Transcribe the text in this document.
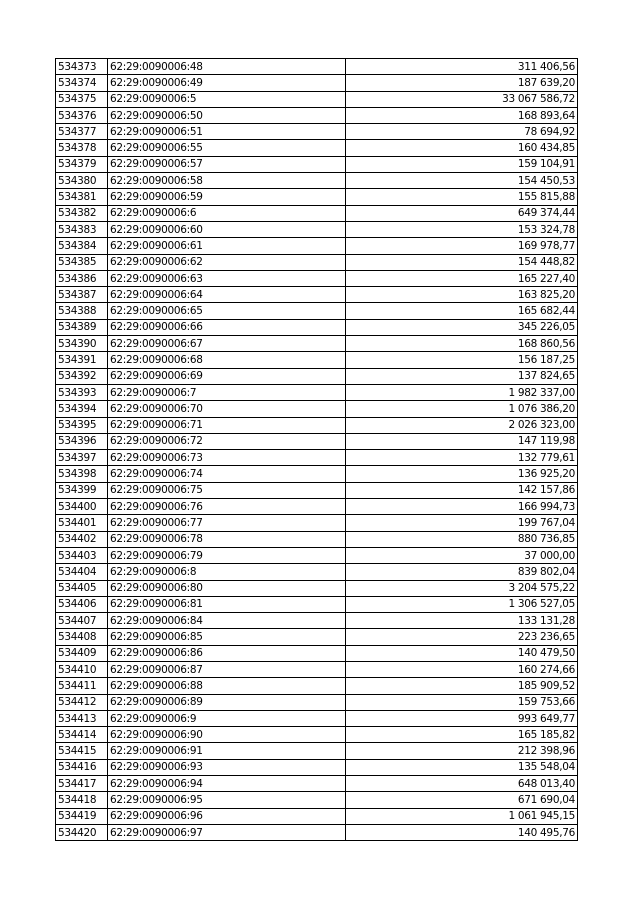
534373	62:29:0090006:48	311 406,56
534374	62:29:0090006:49	187 639,20
534375	62:29:0090006:5	33 067 586,72
534376	62:29:0090006:50	168 893,64
534377	62:29:0090006:51	78 694,92
534378	62:29:0090006:55	160 434,85
534379	62:29:0090006:57	159 104,91
534380	62:29:0090006:58	154 450,53
534381	62:29:0090006:59	155 815,88
534382	62:29:0090006:6	649 374,44
534383	62:29:0090006:60	153 324,78
534384	62:29:0090006:61	169 978,77
534385	62:29:0090006:62	154 448,82
534386	62:29:0090006:63	165 227,40
534387	62:29:0090006:64	163 825,20
534388	62:29:0090006:65	165 682,44
534389	62:29:0090006:66	345 226,05
534390	62:29:0090006:67	168 860,56
534391	62:29:0090006:68	156 187,25
534392	62:29:0090006:69	137 824,65
534393	62:29:0090006:7	1 982 337,00
534394	62:29:0090006:70	1 076 386,20
534395	62:29:0090006:71	2 026 323,00
534396	62:29:0090006:72	147 119,98
534397	62:29:0090006:73	132 779,61
534398	62:29:0090006:74	136 925,20
534399	62:29:0090006:75	142 157,86
534400	62:29:0090006:76	166 994,73
534401	62:29:0090006:77	199 767,04
534402	62:29:0090006:78	880 736,85
534403	62:29:0090006:79	37 000,00
534404	62:29:0090006:8	839 802,04
534405	62:29:0090006:80	3 204 575,22
534406	62:29:0090006:81	1 306 527,05
534407	62:29:0090006:84	133 131,28
534408	62:29:0090006:85	223 236,65
534409	62:29:0090006:86	140 479,50
534410	62:29:0090006:87	160 274,66
534411	62:29:0090006:88	185 909,52
534412	62:29:0090006:89	159 753,66
534413	62:29:0090006:9	993 649,77
534414	62:29:0090006:90	165 185,82
534415	62:29:0090006:91	212 398,96
534416	62:29:0090006:93	135 548,04
534417	62:29:0090006:94	648 013,40
534418	62:29:0090006:95	671 690,04
534419	62:29:0090006:96	1 061 945,15
534420	62:29:0090006:97	140 495,76
